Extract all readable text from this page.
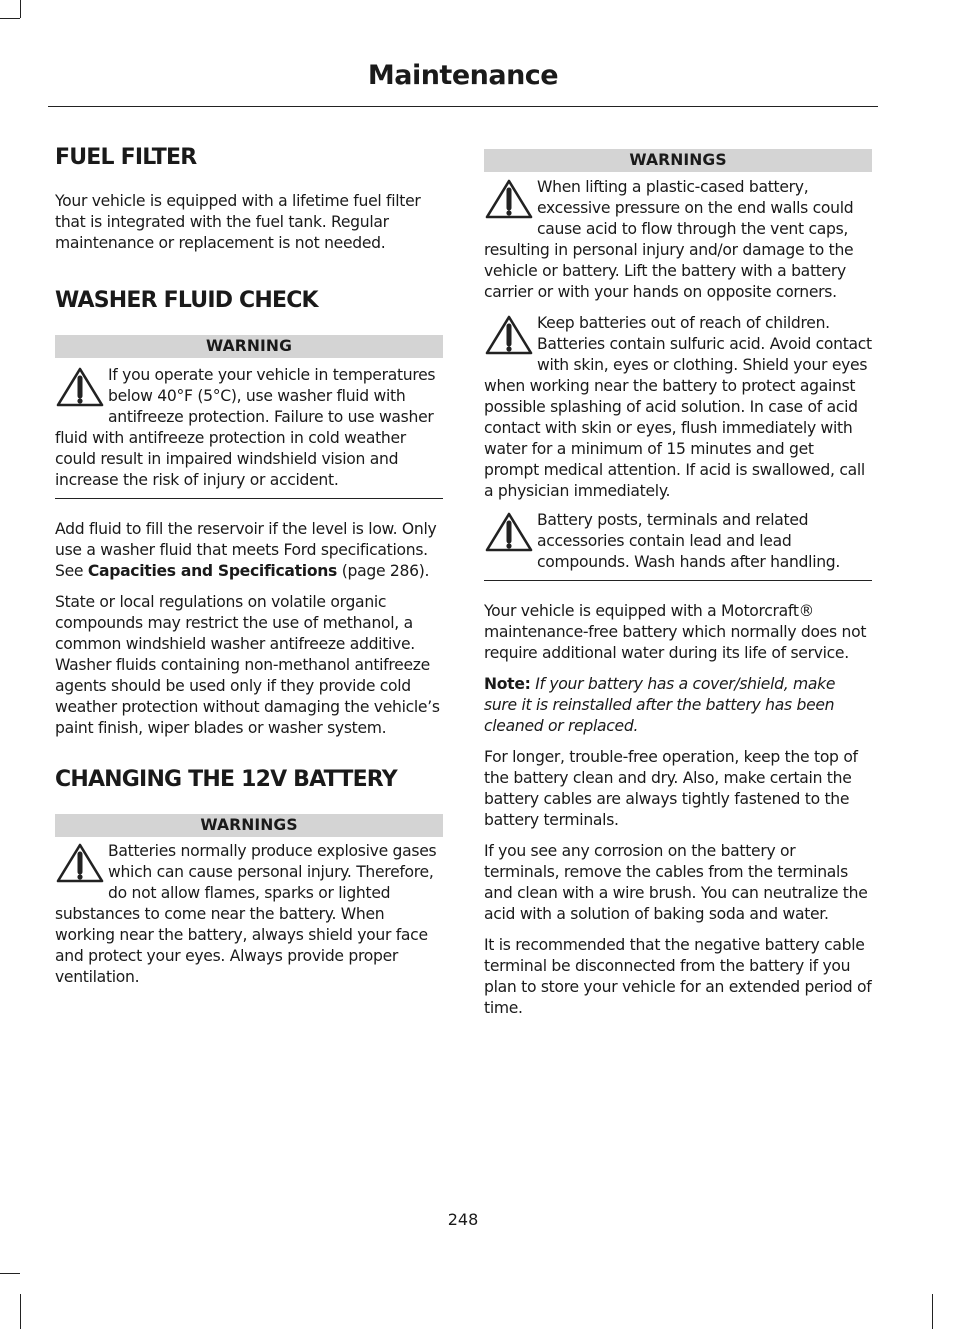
Maintenance
FUEL FILTER

Your vehicle is equipped with a lifetime fuel filter that is integrated with the fuel tank. Regular maintenance or replacement is not needed.

WASHER FLUID CHECK
WARNING

If you operate your vehicle in temperatures below 40°F (5°C), use washer fluid with antifreeze protection. Failure to use washer fluid with antifreeze protection in cold weather could result in impaired windshield vision and increase the risk of injury or accident.

Add fluid to fill the reservoir if the level is low. Only use a washer fluid that meets Ford specifications. See Capacities and Specifications (page 286).

State or local regulations on volatile organic compounds may restrict the use of methanol, a common windshield washer antifreeze additive. Washer fluids containing non-methanol antifreeze agents should be used only if they provide cold weather protection without damaging the vehicle’s paint finish, wiper blades or washer system.

CHANGING THE 12V BATTERY
WARNINGS

Batteries normally produce explosive gases which can cause personal injury. Therefore, do not allow flames, sparks or lighted substances to come near the battery. When working near the battery, always shield your face and protect your eyes. Always provide proper ventilation.

WARNINGS

When lifting a plastic-cased battery, excessive pressure on the end walls could cause acid to flow through the vent caps, resulting in personal injury and/or damage to the vehicle or battery. Lift the battery with a battery carrier or with your hands on opposite corners.

Keep batteries out of reach of children. Batteries contain sulfuric acid. Avoid contact with skin, eyes or clothing. Shield your eyes when working near the battery to protect against possible splashing of acid solution. In case of acid contact with skin or eyes, flush immediately with water for a minimum of 15 minutes and get prompt medical attention. If acid is swallowed, call a physician immediately.

Battery posts, terminals and related accessories contain lead and lead compounds. Wash hands after handling.

Your vehicle is equipped with a Motorcraft® maintenance-free battery which normally does not require additional water during its life of service.

Note: If your battery has a cover/shield, make sure it is reinstalled after the battery has been cleaned or replaced.

For longer, trouble-free operation, keep the top of the battery clean and dry. Also, make certain the battery cables are always tightly fastened to the battery terminals.

If you see any corrosion on the battery or terminals, remove the cables from the terminals and clean with a wire brush. You can neutralize the acid with a solution of baking soda and water.

It is recommended that the negative battery cable terminal be disconnected from the battery if you plan to store your vehicle for an extended period of time.

248
